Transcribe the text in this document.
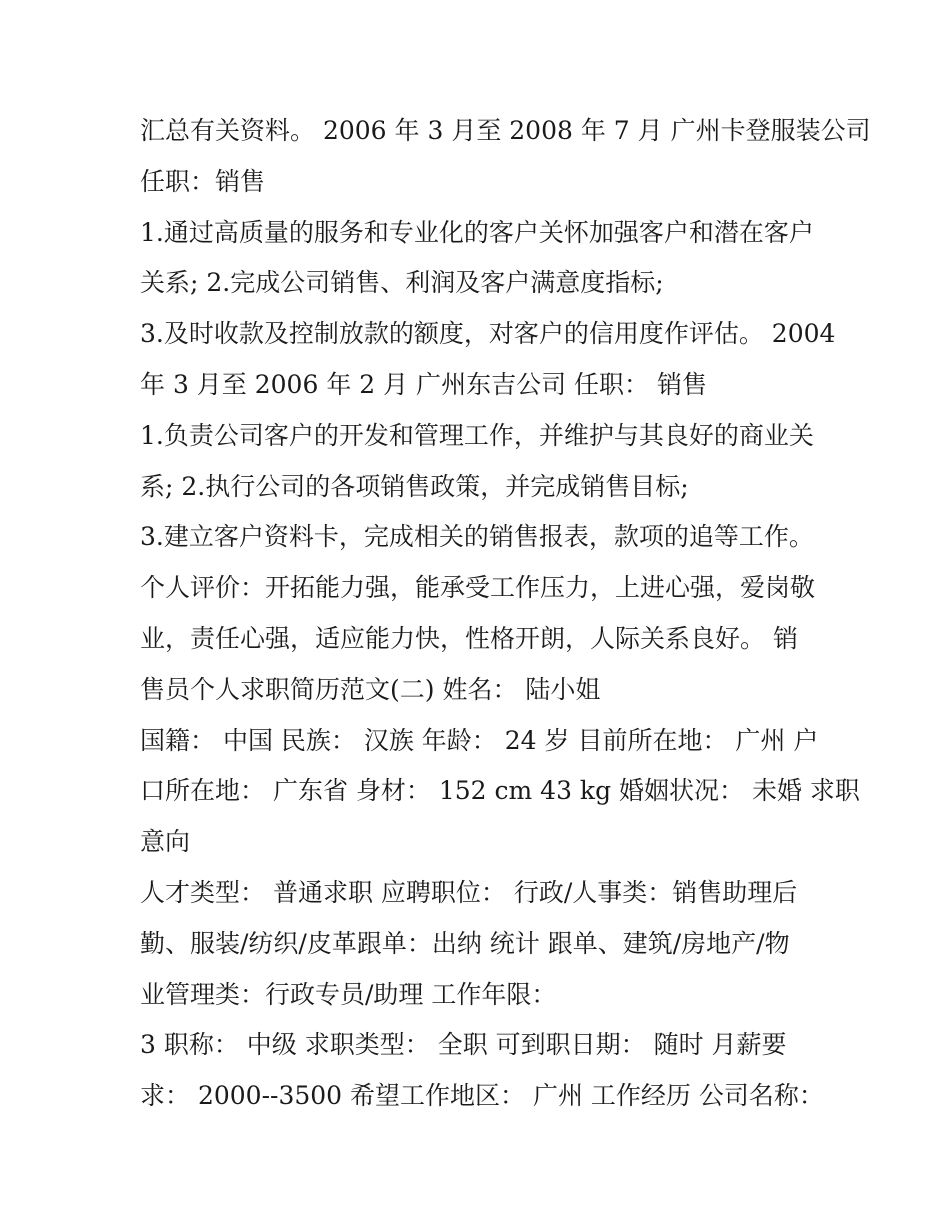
汇总有关资料。 2006 年 3 月至 2008 年 7 月 广州卡登服装公司
任职：销售
1.通过高质量的服务和专业化的客户关怀加强客户和潜在客户
关系; 2.完成公司销售、利润及客户满意度指标;
3.及时收款及控制放款的额度，对客户的信用度作评估。 2004
年 3 月至 2006 年 2 月 广州东吉公司 任职： 销售
1.负责公司客户的开发和管理工作，并维护与其良好的商业关
系; 2.执行公司的各项销售政策，并完成销售目标;
3.建立客户资料卡，完成相关的销售报表，款项的追等工作。
个人评价：开拓能力强，能承受工作压力，上进心强，爱岗敬
业，责任心强，适应能力快，性格开朗，人际关系良好。 销
售员个人求职简历范文(二) 姓名： 陆小姐
国籍： 中国 民族： 汉族 年龄： 24 岁 目前所在地： 广州 户
口所在地： 广东省 身材： 152 cm 43 kg 婚姻状况： 未婚 求职
意向
人才类型： 普通求职 应聘职位： 行政/人事类：销售助理后
勤、服装/纺织/皮革跟单：出纳 统计 跟单、建筑/房地产/物
业管理类：行政专员/助理 工作年限：
3 职称： 中级 求职类型： 全职 可到职日期： 随时 月薪要
求： 2000--3500 希望工作地区： 广州 工作经历 公司名称：
